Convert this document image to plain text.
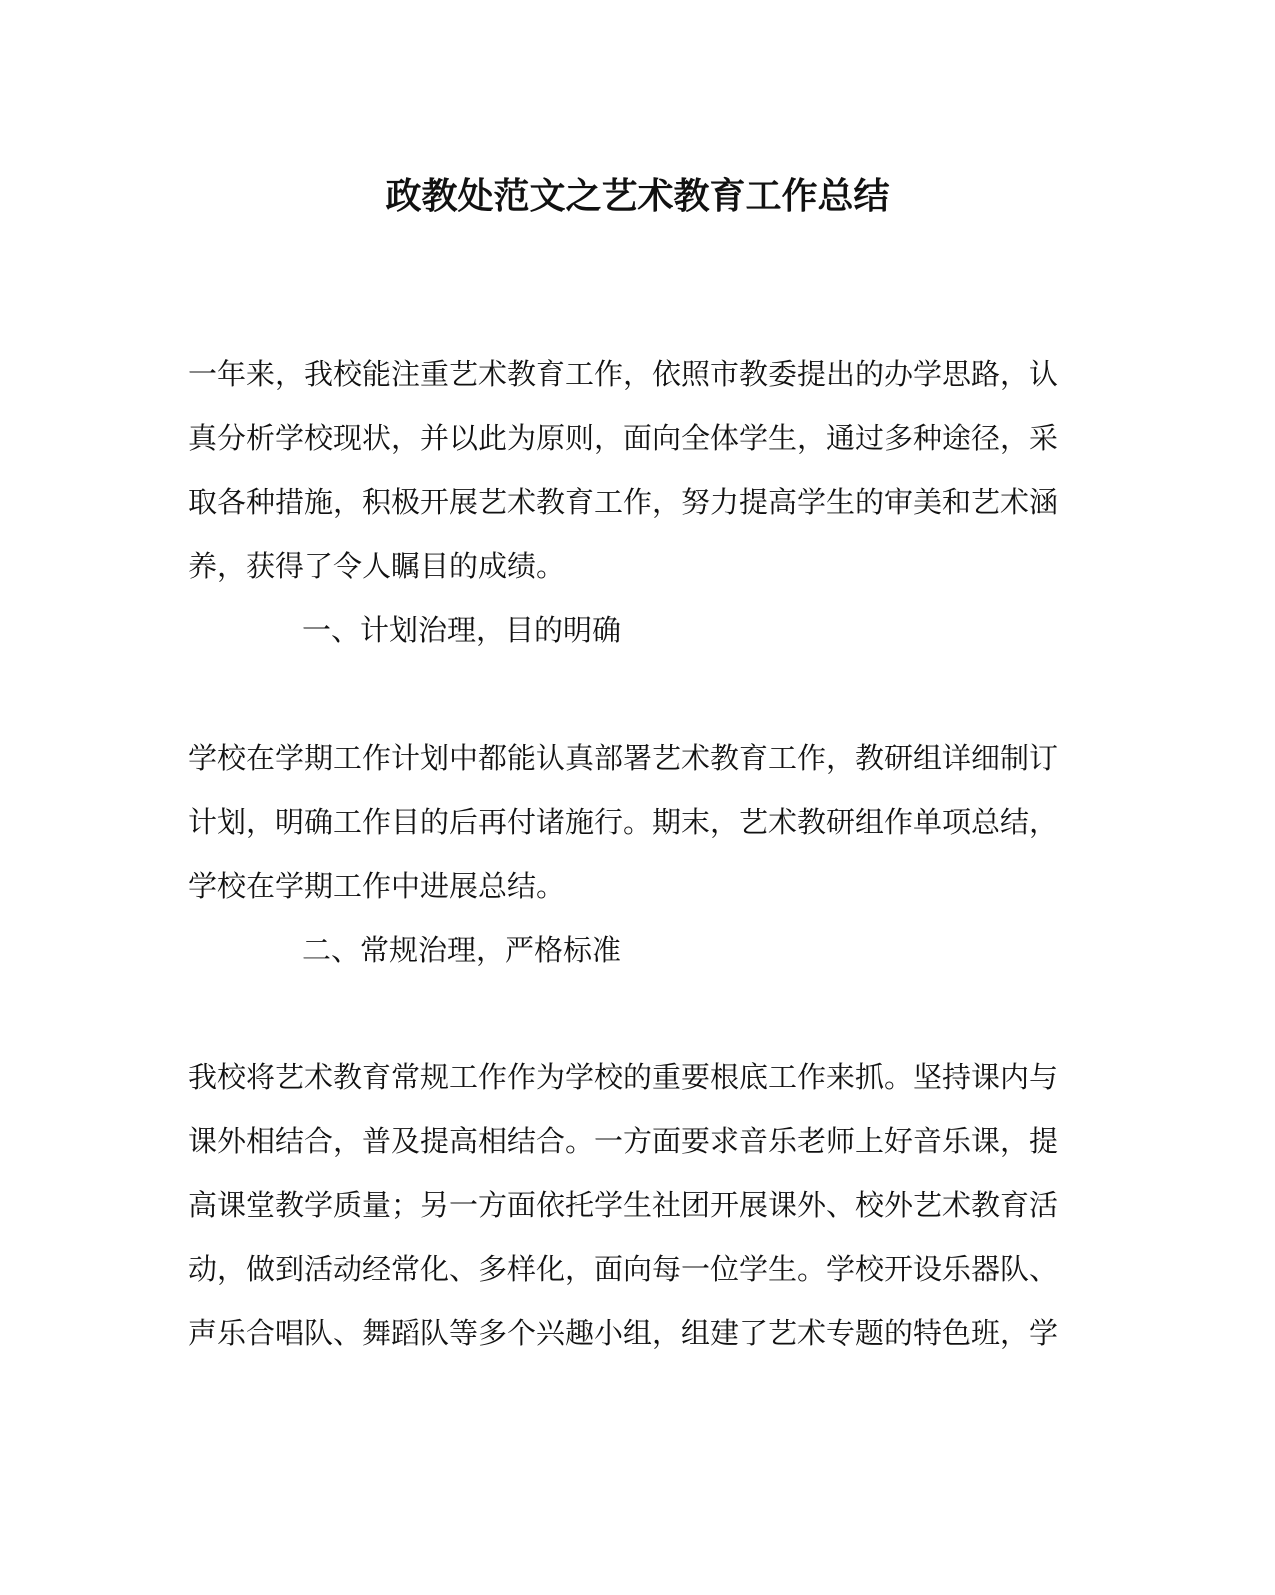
政教处范文之艺术教育工作总结

一年来，我校能注重艺术教育工作，依照市教委提出的办学思路，认
真分析学校现状，并以此为原则，面向全体学生，通过多种途径，采
取各种措施，积极开展艺术教育工作，努力提高学生的审美和艺术涵
养，获得了令人瞩目的成绩。

一、计划治理，目的明确

学校在学期工作计划中都能认真部署艺术教育工作，教研组详细制订
计划，明确工作目的后再付诸施行。期末，艺术教研组作单项总结，
学校在学期工作中进展总结。

二、常规治理，严格标准

我校将艺术教育常规工作作为学校的重要根底工作来抓。坚持课内与
课外相结合，普及提高相结合。一方面要求音乐老师上好音乐课，提
高课堂教学质量；另一方面依托学生社团开展课外、校外艺术教育活
动，做到活动经常化、多样化，面向每一位学生。学校开设乐器队、
声乐合唱队、舞蹈队等多个兴趣小组，组建了艺术专题的特色班，学
